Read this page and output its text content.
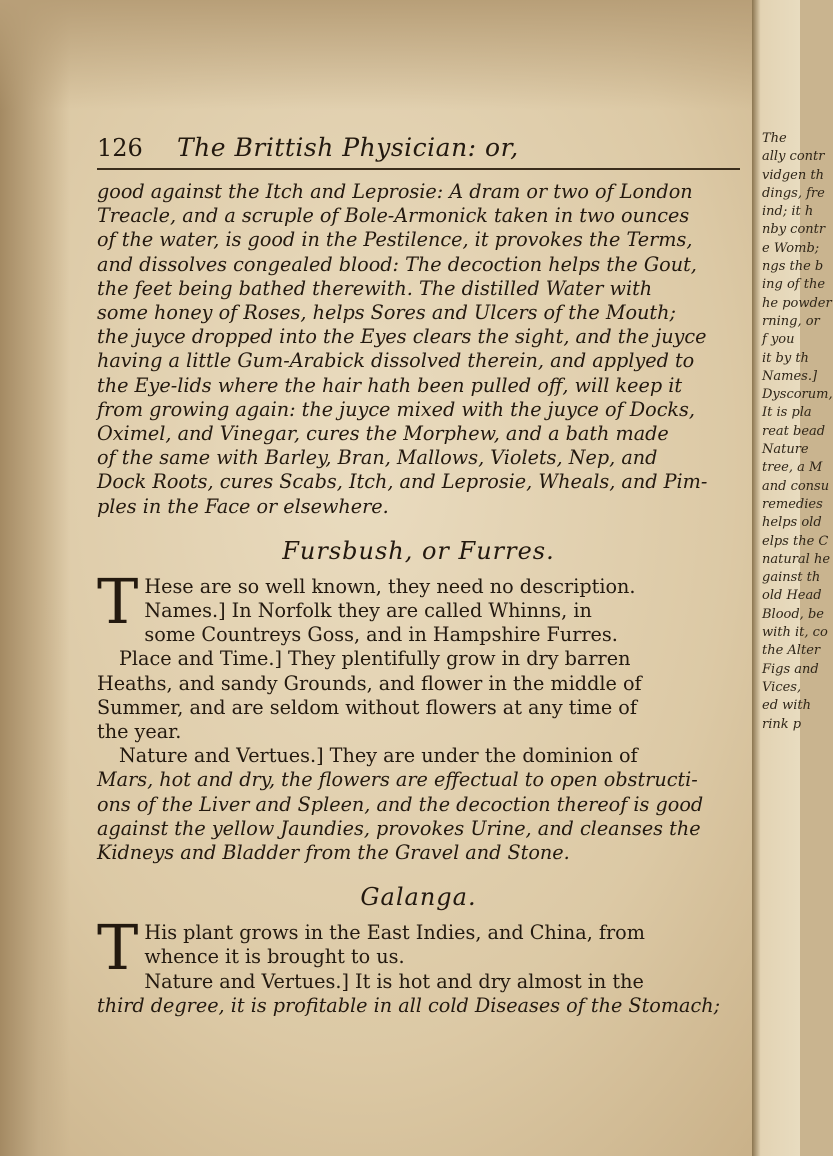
The
ally contr
vidgen th
dings, fre
ind; it h
nby contr
e Womb;
ngs the b
ing of the
he powder
rning, or
f you
it by th
Names.]
Dyscorum,
It is pla
reat bead
Nature
tree, a M
and consu
remedies
helps old
elps the C
natural he
gainst th
old Head
Blood, be
with it, co
the Alter
Figs and
Vices,
ed with
rink p
126	The Brittish Physician: or,
good against the Itch and Leprosie: A dram or two of London
Treacle, and a scruple of Bole-Armonick taken in two ounces
of the water, is good in the Pestilence, it provokes the Terms,
and dissolves congealed blood: The decoction helps the Gout,
the feet being bathed therewith. The distilled Water with
some honey of Roses, helps Sores and Ulcers of the Mouth;
the juyce dropped into the Eyes clears the sight, and the juyce
having a little Gum-Arabick dissolved therein, and applyed to
the Eye-lids where the hair hath been pulled off, will keep it
from growing again: the juyce mixed with the juyce of Docks,
Oximel, and Vinegar, cures the Morphew, and a bath made
of the same with Barley, Bran, Mallows, Violets, Nep, and
Dock Roots, cures Scabs, Itch, and Leprosie, Wheals, and Pim-
ples in the Face or elsewhere.
Fursbush, or Furres.
T Hese are so well known, they need no description.
Names.] In Norfolk they are called Whinns, in
some Countreys Goss, and in Hampshire Furres.
Place and Time.] They plentifully grow in dry barren
Heaths, and sandy Grounds, and flower in the middle of
Summer, and are seldom without flowers at any time of
the year.
Nature and Vertues.] They are under the dominion of
Mars, hot and dry, the flowers are effectual to open obstructi-
ons of the Liver and Spleen, and the decoction thereof is good
against the yellow Jaundies, provokes Urine, and cleanses the
Kidneys and Bladder from the Gravel and Stone.
Galanga.
T His plant grows in the East Indies, and China, from
whence it is brought to us.
Nature and Vertues.] It is hot and dry almost in the
third degree, it is profitable in all cold Diseases of the Stomach;
